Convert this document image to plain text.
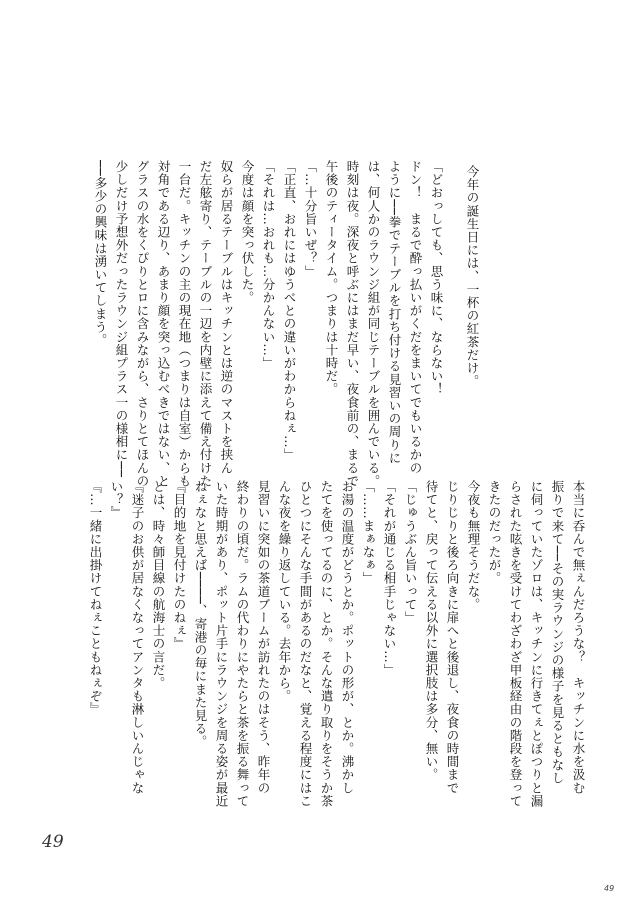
今年の誕生日には、一杯の紅茶だけ。

「どおっしても、思う味に、ならない！

ドン！　まるで酔っ払いがくだをまいてでもいるかの

ように──拳でテーブルを打ち付ける見習いの周りに

は、何人かのラウンジ組が同じテーブルを囲んでいる。

時刻は夜。深夜と呼ぶにはまだ早い、夜食前の、まるで

午後のティータイム。つまりは十時だ。

「…十分旨いぜ？」

「正直、おれにはゆうべとの違いがわからねぇ…」

「それは…おれも…分かんない…」

今度は顔を突っ伏した。

奴らが居るテーブルはキッチンとは逆のマストを挟ん

だ左舷寄り、テーブルの一辺を内壁に添えて備え付けた

一台だ。キッチンの主の現在地（つまりは自室）からも

対角である辺り、あまり顔を突っ込むべきではない、と

グラスの水をくぴりとロに含みながら、さりとてほんの

少しだけ予想外だったラウンジ組プラス一の様相に──

──多少の興味は湧いてしまう。

本当に呑んで無ぇんだろうな？　キッチンに水を汲む

振りで来て──その実ラウンジの様子を見るともなし

に伺っていたゾロは、キッチンに行きてぇとぽつりと漏

らされた呟きを受けてわざわざ甲板経由の階段を登って

きたのだったが。

今夜も無理そうだな。

じりじりと後ろ向きに扉へと後退し、夜食の時間まで

待てと、戻って伝える以外に選択肢は多分、無い。

「じゅうぶん旨いって」

「それが通じる相手じゃない…」

「……まぁなぁ」

お湯の温度がどうとか。ポットの形が、とか。沸かし

たてを使ってるのに、とか。そんな遣り取りをそうか茶

ひとつにそんな手間があるのだなと、覚える程度にはこ

んな夜を繰り返している。去年から。

見習いに突如の茶道ブームが訪れたのはそう、昨年の

終わりの頃だ。ラムの代わりにやたらと茶を振る舞って

いた時期があり、ポット片手にラウンジを周る姿が最近

ねぇなと思えば────、寄港の毎にまた見る。

『目的地を見付けたのねぇ』

とは、時々師目線の航海士の言だ。

『迷子のお供が居なくなってアンタも淋しいんじゃな

い？』

『…一緒に出掛けてねぇこともねぇぞ』

49
49
